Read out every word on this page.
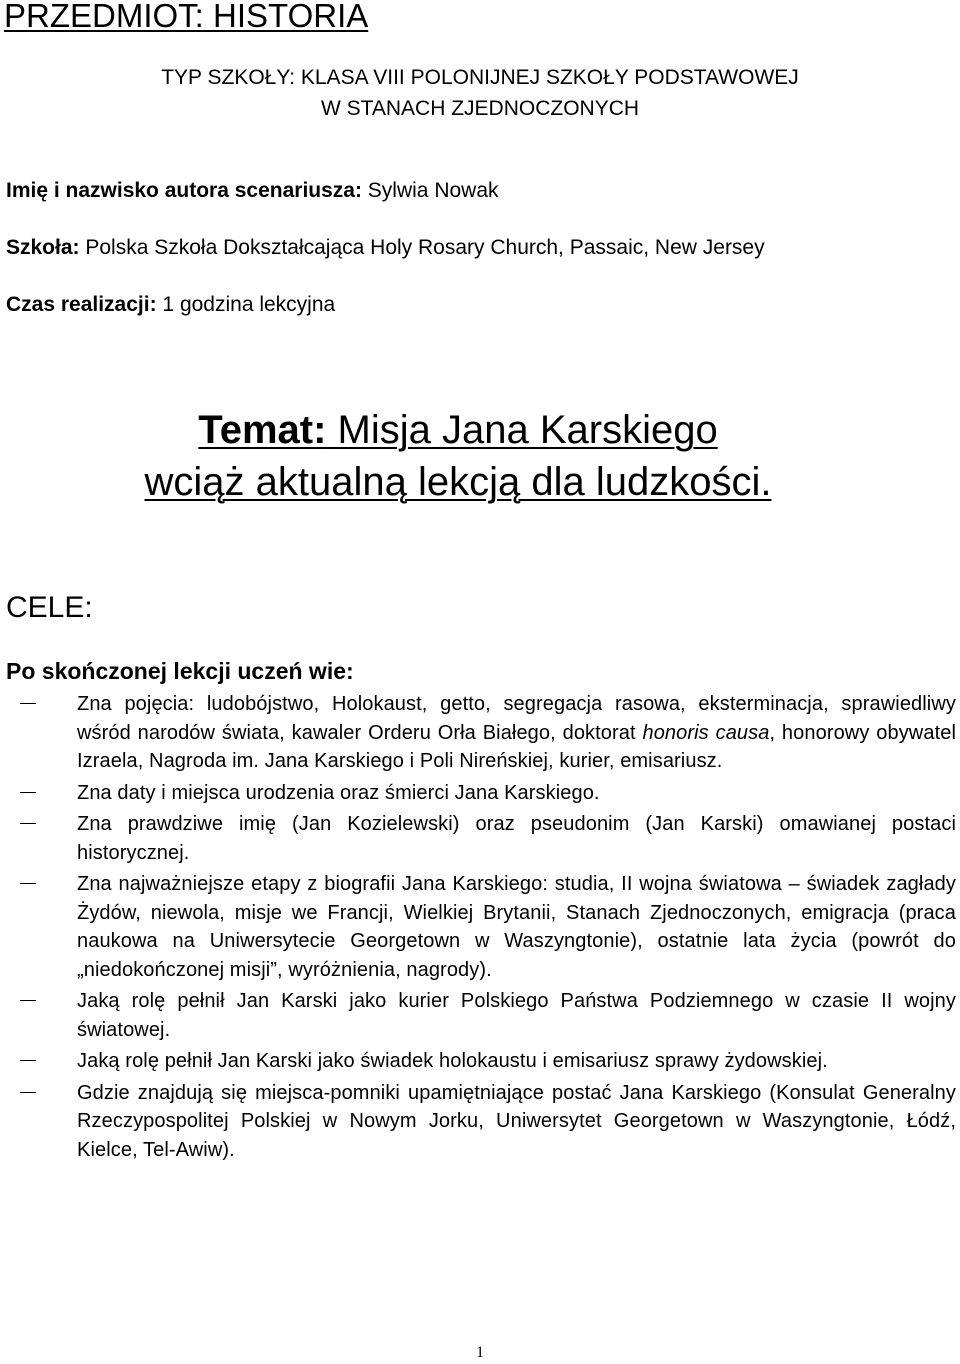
PRZEDMIOT: HISTORIA
TYP SZKOŁY: KLASA VIII POLONIJNEJ SZKOŁY PODSTAWOWEJ
W STANACH ZJEDNOCZONYCH

Imię i nazwisko autora scenariusza: Sylwia Nowak

Szkoła: Polska Szkoła Dokształcająca Holy Rosary Church, Passaic, New Jersey

Czas realizacji: 1 godzina lekcyjna

Temat: Misja Jana Karskiego
wciąż aktualną lekcją dla ludzkości.
CELE:
Po skończonej lekcji uczeń wie:
Zna pojęcia: ludobójstwo, Holokaust, getto, segregacja rasowa, eksterminacja, sprawiedliwy wśród narodów świata, kawaler Orderu Orła Białego, doktorat honoris causa, honorowy obywatel Izraela, Nagroda im. Jana Karskiego i Poli Nireńskiej, kurier, emisariusz.
Zna daty i miejsca urodzenia oraz śmierci Jana Karskiego.
Zna prawdziwe imię (Jan Kozielewski) oraz pseudonim (Jan Karski) omawianej postaci historycznej.
Zna najważniejsze etapy z biografii Jana Karskiego: studia, II wojna światowa – świadek zagłady Żydów, niewola, misje we Francji, Wielkiej Brytanii, Stanach Zjednoczonych, emigracja (praca naukowa na Uniwersytecie Georgetown w Waszyngtonie), ostatnie lata życia (powrót do „niedokończonej misji”, wyróżnienia, nagrody).
Jaką rolę pełnił Jan Karski jako kurier Polskiego Państwa Podziemnego w czasie II wojny światowej.
Jaką rolę pełnił Jan Karski jako świadek holokaustu i emisariusz sprawy żydowskiej.
Gdzie znajdują się miejsca-pomniki upamiętniające postać Jana Karskiego (Konsulat Generalny Rzeczypospolitej Polskiej w Nowym Jorku, Uniwersytet Georgetown w Waszyngtonie, Łódź, Kielce, Tel-Awiw).

1
